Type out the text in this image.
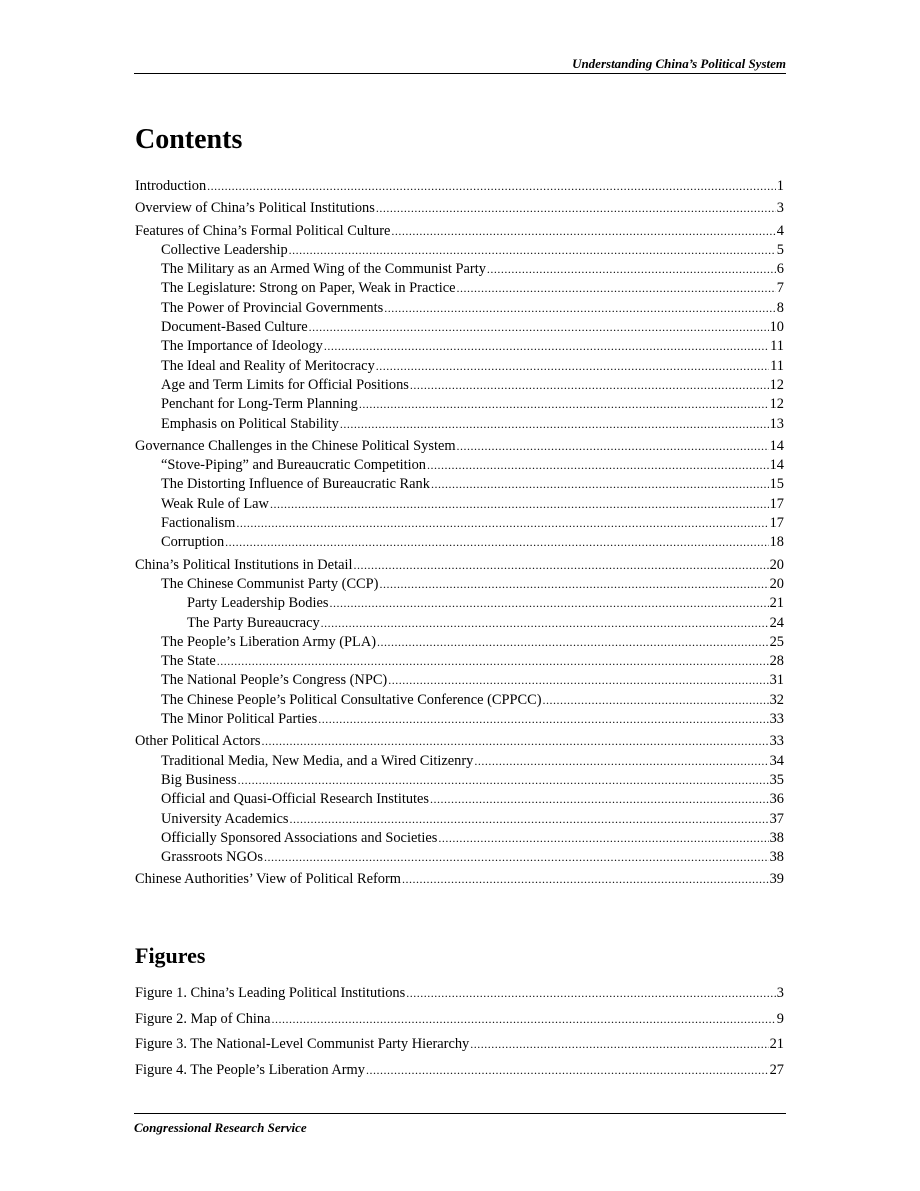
Understanding China’s Political System
Contents
Introduction .....	1
Overview of China’s Political Institutions .....	3
Features of China’s Formal Political Culture .....	4
Collective Leadership .....	5
The Military as an Armed Wing of the Communist Party .....	6
The Legislature: Strong on Paper, Weak in Practice .....	7
The Power of Provincial Governments .....	8
Document-Based Culture .....	10
The Importance of Ideology .....	11
The Ideal and Reality of Meritocracy .....	11
Age and Term Limits for Official Positions .....	12
Penchant for Long-Term Planning .....	12
Emphasis on Political Stability .....	13
Governance Challenges in the Chinese Political System .....	14
“Stove-Piping” and Bureaucratic Competition .....	14
The Distorting Influence of Bureaucratic Rank .....	15
Weak Rule of Law .....	17
Factionalism .....	17
Corruption .....	18
China’s Political Institutions in Detail .....	20
The Chinese Communist Party (CCP) .....	20
Party Leadership Bodies .....	21
The Party Bureaucracy .....	24
The People’s Liberation Army (PLA) .....	25
The State .....	28
The National People’s Congress (NPC) .....	31
The Chinese People’s Political Consultative Conference (CPPCC) .....	32
The Minor Political Parties .....	33
Other Political Actors .....	33
Traditional Media, New Media, and a Wired Citizenry .....	34
Big Business .....	35
Official and Quasi-Official Research Institutes .....	36
University Academics .....	37
Officially Sponsored Associations and Societies .....	38
Grassroots NGOs .....	38
Chinese Authorities’ View of Political Reform .....	39
Figures
Figure 1. China’s Leading Political Institutions .....	3
Figure 2. Map of China .....	9
Figure 3. The National-Level Communist Party Hierarchy .....	21
Figure 4. The People’s Liberation Army .....	27
Congressional Research Service
